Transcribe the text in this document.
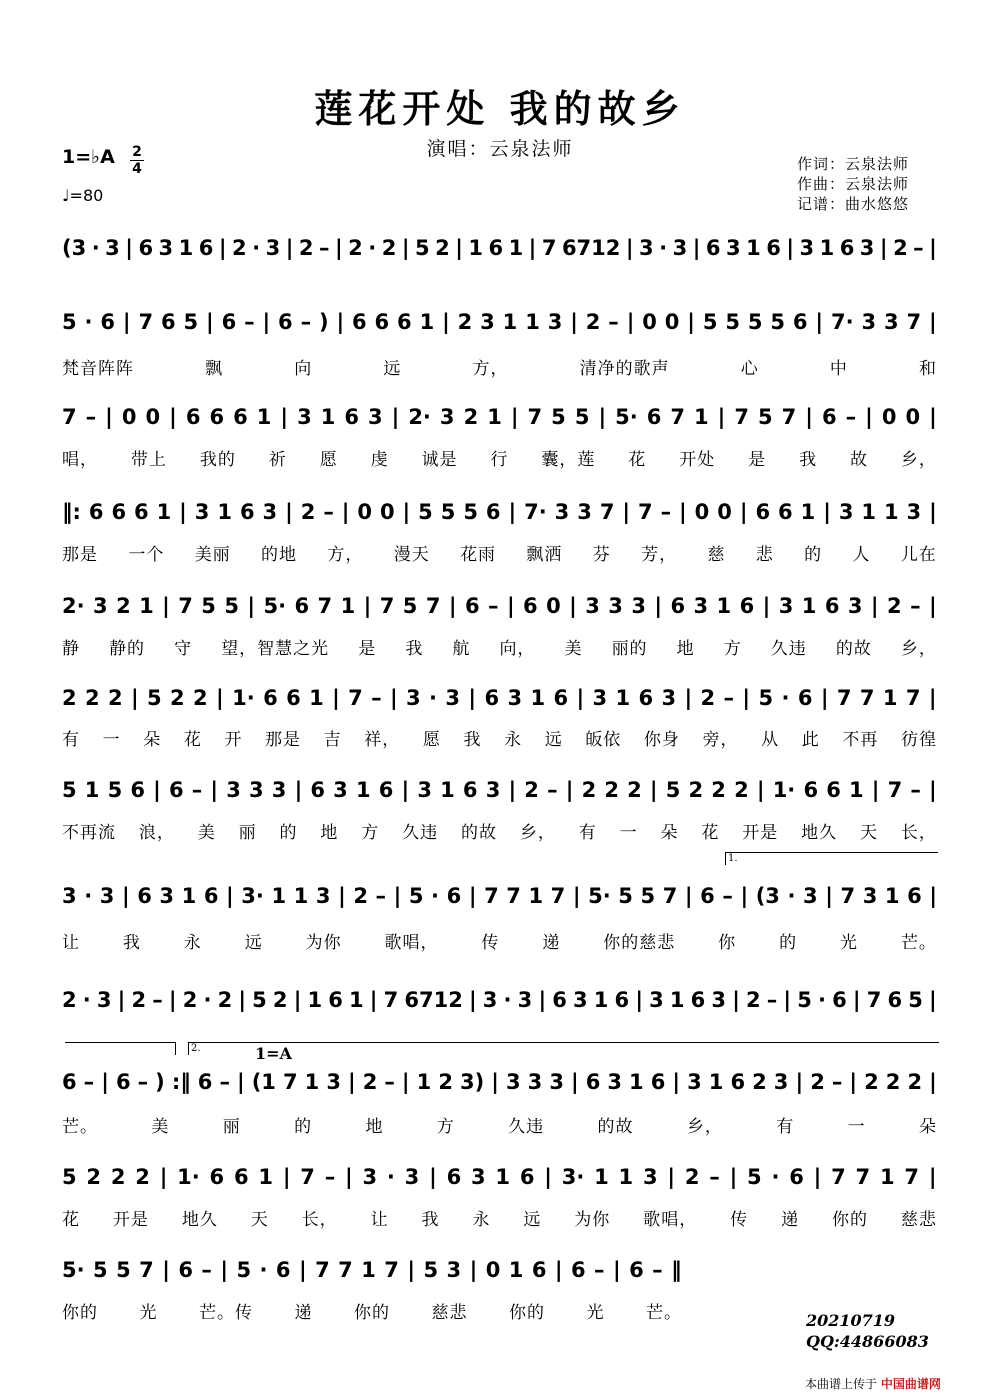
莲花开处 我的故乡
演唱：云泉法师
1=♭A 2
4
♩=80
作词：云泉法师
作曲：云泉法师
记谱：曲水悠悠
(3 · 3 | 6 3 1 6 | 2 · 3 | 2 – | 2 · 2 | 5 2 | 1 6 1 | 7 6712 | 3 · 3 | 6 3 1 6 | 3 1 6 3 | 2 – |
5 · 6 | 7 6 5 | 6 – | 6 – ) | 6 6 6 1 | 2 3 1 1 3 | 2 – | 0 0 | 5 5 5 5 6 | 7· 3 3 7 |
梵音阵阵	飘	向	远	方，	清净的歌声	心	中	和
7 – | 0 0 | 6 6 6 1 | 3 1 6 3 | 2· 3 2 1 | 7 5 5 | 5· 6 7 1 | 7 5 7 | 6 – | 0 0 |
唱， 带上 我的 祈 愿 虔 诚是 行 囊，莲 花 开处 是 我 故 乡，
‖: 6 6 6 1 | 3 1 6 3 | 2 – | 0 0 | 5 5 5 6 | 7· 3 3 7 | 7 – | 0 0 | 6 6 1 | 3 1 1 3 |
那是 一个 美丽 的地 方， 漫天 花雨 飘洒 芬 芳， 慈 悲 的 人 儿在
2· 3 2 1 | 7 5 5 | 5· 6 7 1 | 7 5 7 | 6 – | 6 0 | 3 3 3 | 6 3 1 6 | 3 1 6 3 | 2 – |
静 静的 守 望，智慧之光 是 我 航 向， 美 丽的 地 方 久违 的故 乡，
2 2 2 | 5 2 2 | 1· 6 6 1 | 7 – | 3 · 3 | 6 3 1 6 | 3 1 6 3 | 2 – | 5 · 6 | 7 7 1 7 |
有 一 朵 花 开 那是 吉 祥， 愿 我 永 远 皈依 你身 旁， 从 此 不再 彷徨
5 1 5 6 | 6 – | 3 3 3 | 6 3 1 6 | 3 1 6 3 | 2 – | 2 2 2 | 5 2 2 2 | 1· 6 6 1 | 7 – |
不再流 浪， 美 丽 的 地 方 久违 的故 乡， 有 一 朵 花 开是 地久 天 长，
3 · 3 | 6 3 1 6 | 3· 1 1 3 | 2 – | 5 · 6 | 7 7 1 7 | 5· 5 5 7 | 6 – | (3 · 3 | 7 3 1 6 |
让	我	永	远	为你	歌唱，	传	递	你的慈悲	你	的	光	芒。
2 · 3 | 2 – | 2 · 2 | 5 2 | 1 6 1 | 7 6712 | 3 · 3 | 6 3 1 6 | 3 1 6 3 | 2 – | 5 · 6 | 7 6 5 |
6 – | 6 – ) :‖ 6 – | (1 7 1 3 | 2 – | 1 2 3) | 3 3 3 | 6 3 1 6 | 3 1 6 2 3 | 2 – | 2 2 2 |
芒。	美	丽	的	地	方	久违	的故	乡，	有	一	朵
5 2 2 2 | 1· 6 6 1 | 7 – | 3 · 3 | 6 3 1 6 | 3· 1 1 3 | 2 – | 5 · 6 | 7 7 1 7 |
花 开是 地久 天 长， 让 我 永 远 为你 歌唱， 传 递 你的 慈悲
5· 5 5 7 | 6 – | 5 · 6 | 7 7 1 7 | 5 3 | 0 1 6 | 6 – | 6 – ‖
你的 光 芒。传 递 你的 慈悲 你的 光 芒。
1.
2.	1=A
20210719
QQ:44866083
本曲谱上传于 中国曲谱网
